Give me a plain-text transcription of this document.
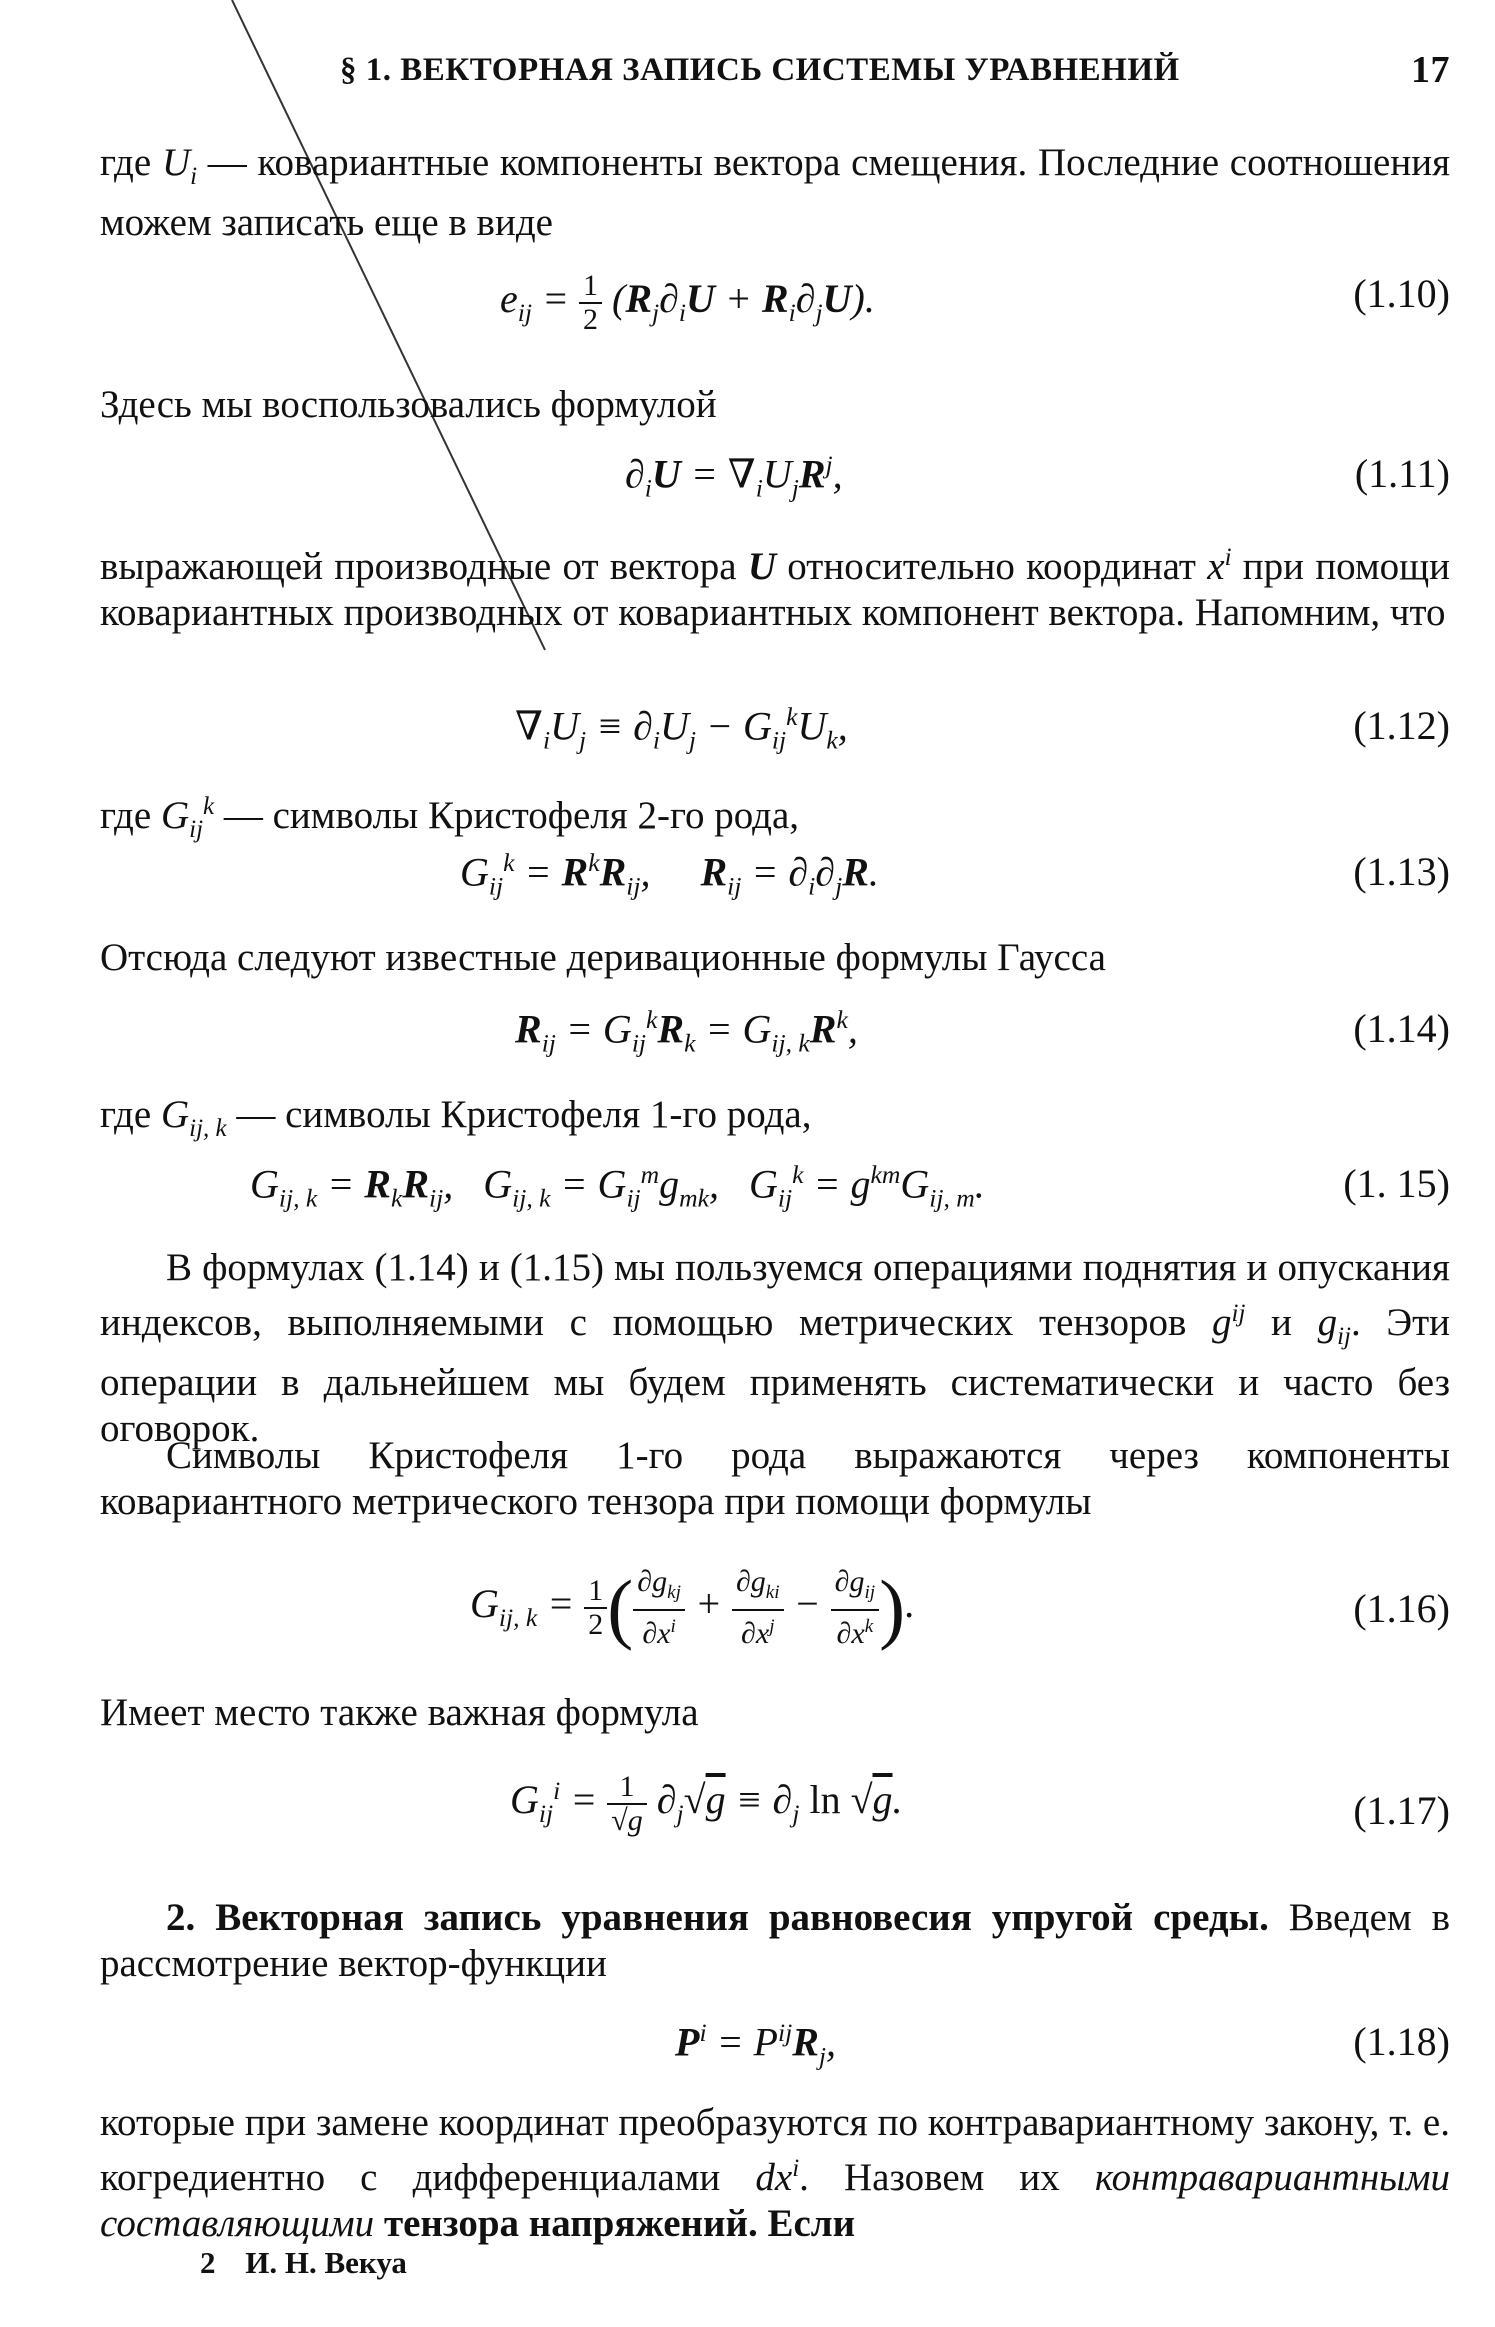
§ 1. ВЕКТОРНАЯ ЗАПИСЬ СИСТЕМЫ УРАВНЕНИЙ	17
где $U_i$ — ковариантные компоненты вектора смещения. Последние соотношения можем записать еще в виде
$e_{ij} = \frac{1}{2} (R_j\partial_iU + R_i\partial_jU)$.	(1.10)
Здесь мы воспользовались формулой
$\partial_iU = \nabla_iU_jR^j$,	(1.11)
выражающей производные от вектора U относительно координат $x^i$ при помощи ковариантных производных от ковариантных компонент вектора. Напомним, что
$\nabla_iU_j \equiv \partial_iU_j - G_{ij}^kU_k$,	(1.12)
где $G_{ij}^k$ — символы Кристофеля 2-го рода,
$G_{ij}^k = R^kR_{ij}$,     $R_{ij} = \partial_i\partial_jR$.	(1.13)
Отсюда следуют известные деривационные формулы Гаусса
$R_{ij} = G_{ij}^kR_k = G_{ij, k}R^k$,	(1.14)
где $G_{ij, k}$ — символы Кристофеля 1-го рода,
$G_{ij, k} = R_kR_{ij}$,   $G_{ij, k} = G_{ij}^mg_{mk}$,   $G_{ij}^k = g^{km}G_{ij, m}$.	(1. 15)
В формулах (1.14) и (1.15) мы пользуемся операциями поднятия и опускания индексов, выполняемыми с помощью метрических тензоров $g^{ij}$ и $g_{ij}$. Эти операции в дальнейшем мы будем применять систематически и часто без оговорок.
Символы Кристофеля 1-го рода выражаются через компоненты ковариантного метрического тензора при помощи формулы
$G_{ij, k} = \frac{1}{2}$ ( $\frac{\partial g_{kj}}{\partial x^i} + \frac{\partial g_{ki}}{\partial x^j} - \frac{\partial g_{ij}}{\partial x^k}$ ).	(1.16)
Имеет место также важная формула
$G_{ij}^i = \frac{1}{√g} \partial_j√g \equiv \partial_j$ ln √g.	(1.17)
2. Векторная запись уравнения равновесия упругой среды. Введем в рассмотрение вектор-функции
$P^i = P^{ij}R_j$,	(1.18)
которые при замене координат преобразуются по контравариантному закону, т. е. когредиентно с дифференциалами $dx^i$. Назовем их контравариантными составляющими тензора напряжений. Если
2 И. Н. Векуа
